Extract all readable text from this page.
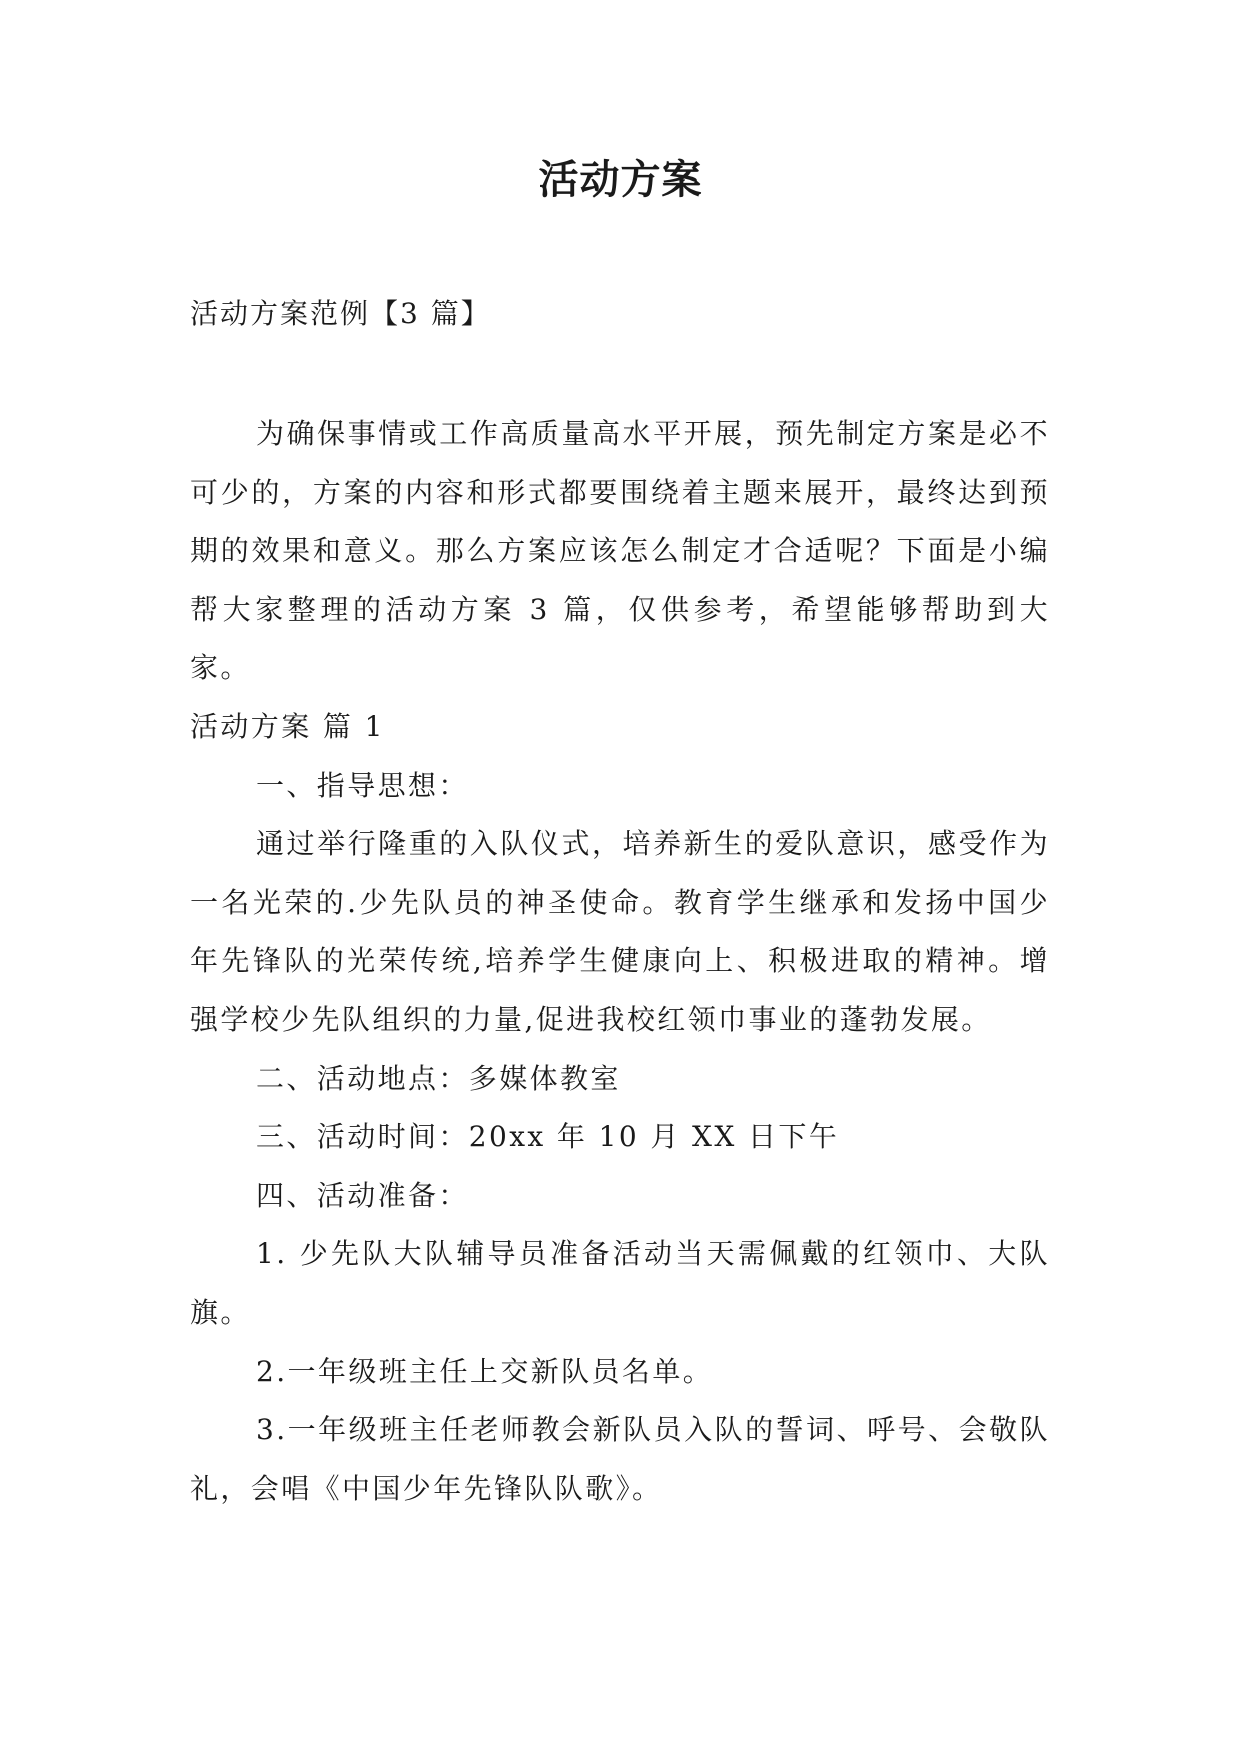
活动方案

活动方案范例【3 篇】

为确保事情或工作高质量高水平开展，预先制定方案是必不可少的，方案的内容和形式都要围绕着主题来展开，最终达到预期的效果和意义。那么方案应该怎么制定才合适呢？下面是小编帮大家整理的活动方案 3 篇，仅供参考，希望能够帮助到大家。

活动方案 篇 1

一、指导思想：

通过举行隆重的入队仪式，培养新生的爱队意识，感受作为一名光荣的.少先队员的神圣使命。教育学生继承和发扬中国少年先锋队的光荣传统,培养学生健康向上、积极进取的精神。增强学校少先队组织的力量,促进我校红领巾事业的蓬勃发展。

二、活动地点：多媒体教室

三、活动时间：20xx 年 10 月 XX 日下午

四、活动准备：

1. 少先队大队辅导员准备活动当天需佩戴的红领巾、大队旗。

2.一年级班主任上交新队员名单。

3.一年级班主任老师教会新队员入队的誓词、呼号、会敬队礼，会唱《中国少年先锋队队歌》。
